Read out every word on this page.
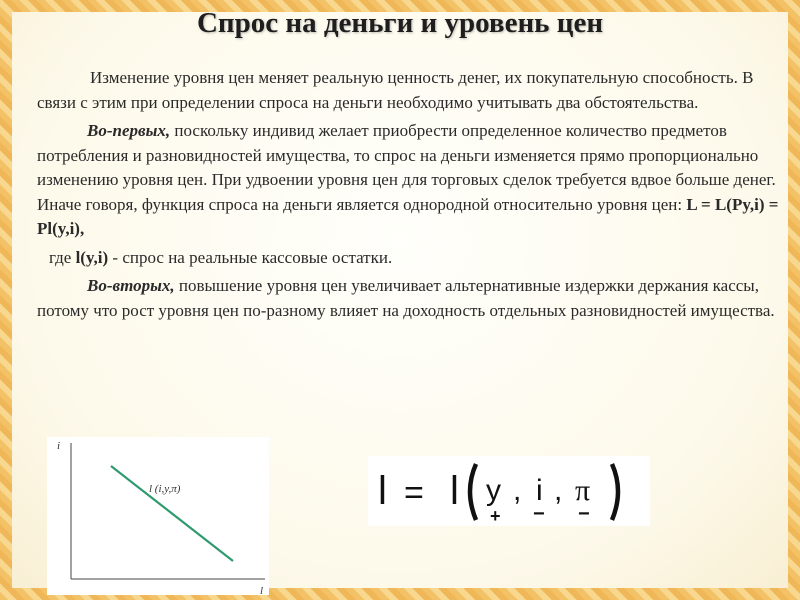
Спрос на деньги и уровень цен

Изменение уровня цен меняет реальную ценность денег, их покупательную способность. В связи с этим при определении спроса на деньги необходимо учитывать два обстоятельства.

Во-первых, поскольку индивид желает приобрести определенное количество предметов потребления и разновидностей имущества, то спрос на деньги изменяется прямо пропорционально изменению уровня цен. При удвоении уровня цен для торговых сделок требуется вдвое больше денег. Иначе говоря, функция спроса на деньги является однородной относительно уровня цен: L = L(Py,i) = Pl(y,i),

где l(y,i) - спрос на реальные кассовые остатки.

Во-вторых, повышение уровня цен увеличивает альтернативные издержки держания кассы, потому что рост уровня цен по-разному влияет на доходность отдельных разновидностей имущества.

i
l
l (i,y,π)	l = l y
+
, i
−
, π
−
